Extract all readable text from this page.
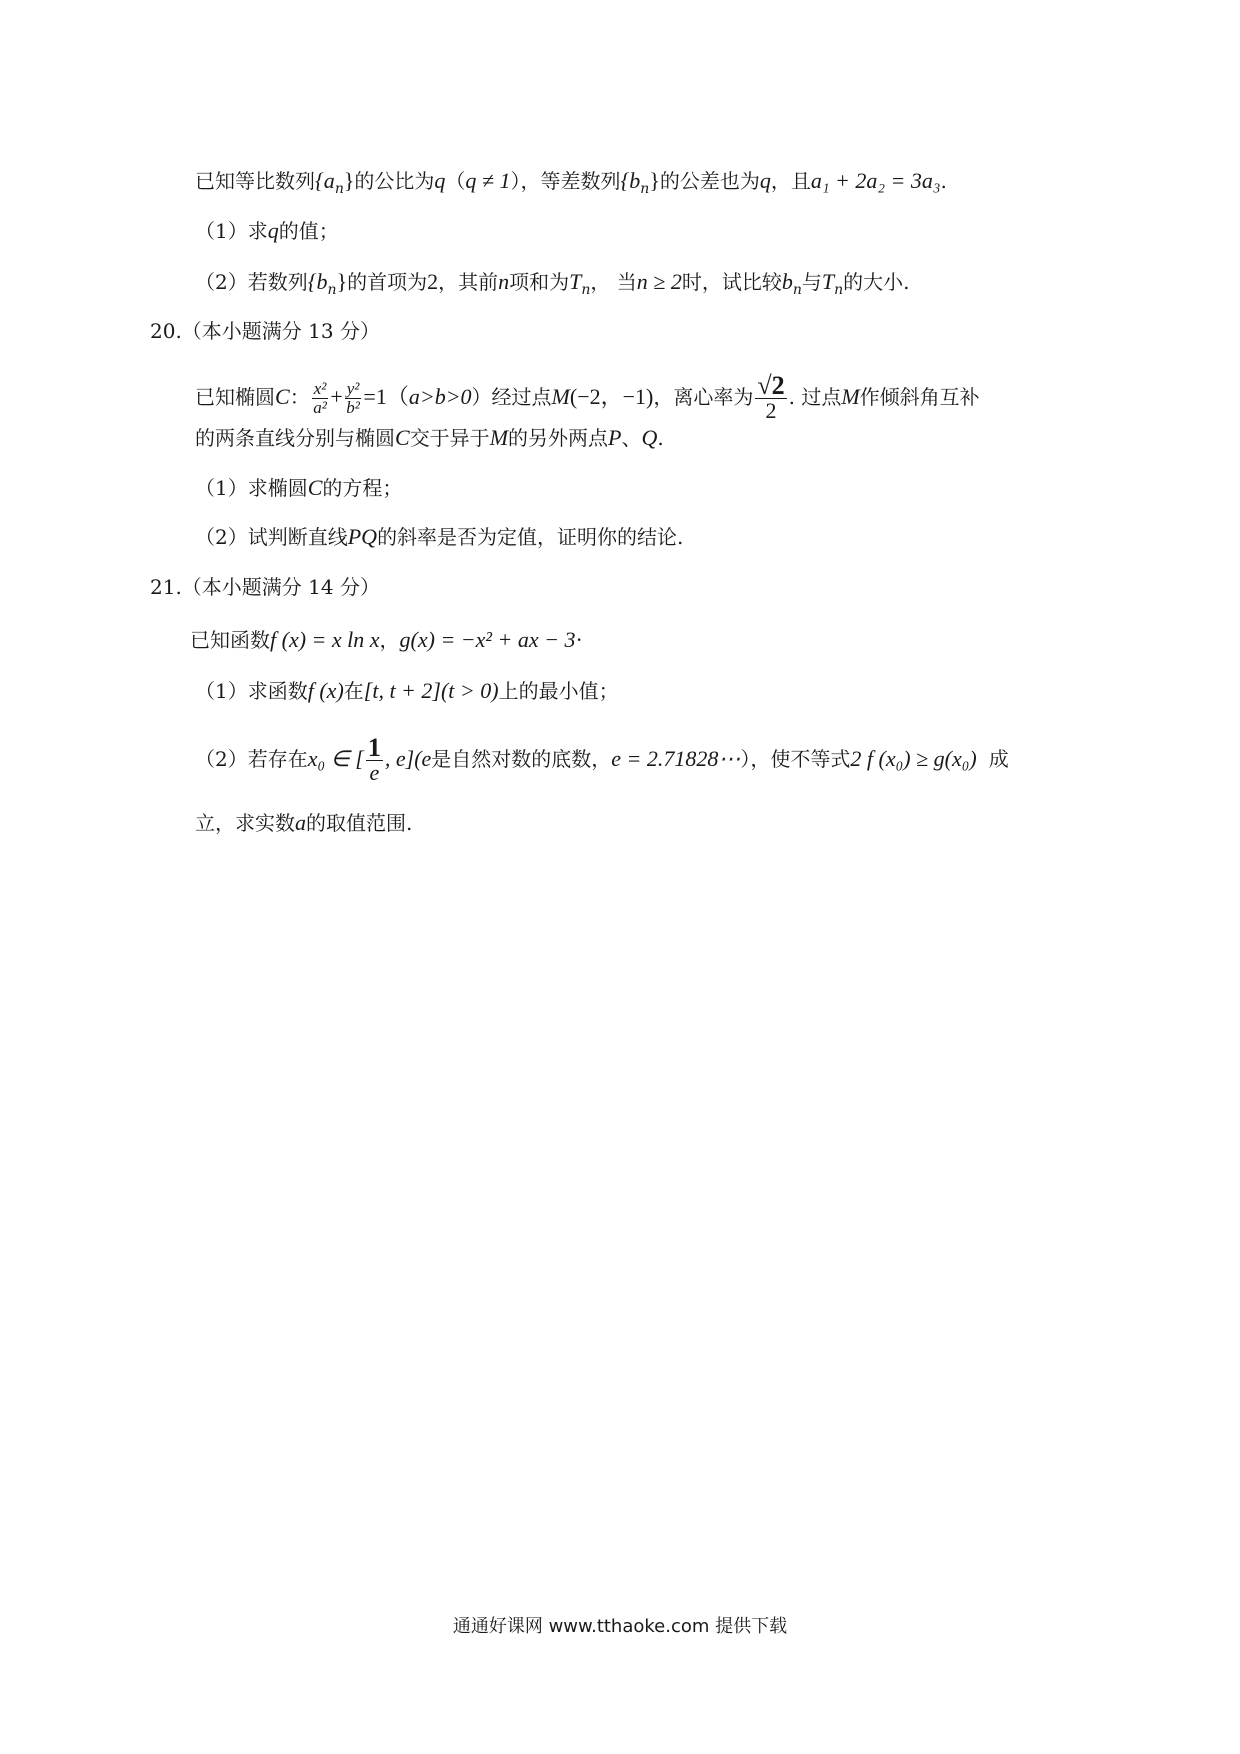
已知等比数列$\{a_n\}$的公比为q（q ≠ 1），等差数列$\{b_n\}$的公差也为q，且a₁ + 2a₂ = 3a₃.
（1）求q的值；
（2）若数列$\{b_n\}$的首项为2，其前n项和为$T_n$， 当n ≥ 2时，试比较$b_n$与$T_n$的大小.
20.（本小题满分 13 分）
已知椭圆C： $\frac{\text{x²}}{\text{a²}} + \frac{\text{y²}}{\text{b²}} =1(a>b>0)$经过点M(−2，−1)，离心率为 $\frac{√2}{2}$ . 过点M作倾斜角互补
的两条直线分别与椭圆C交于异于M的另外两点P、Q.
（1）求椭圆C的方程；
（2）试判断直线PQ的斜率是否为定值，证明你的结论.
21.（本小题满分 14 分）
已知函数f (x) = x ln x，g(x) = −x² + ax − 3·
（1）求函数f (x)在[t, t + 2](t > 0)上的最小值；
（2）若存在x₀ ∈ [ $\frac{1}{e}$ , e](e是自然对数的底数，e = 2.71828⋯），使不等式2 f (x₀) ≥ g(x₀) 成
立，求实数a的取值范围.
通通好课网 www.tthaoke.com 提供下载
